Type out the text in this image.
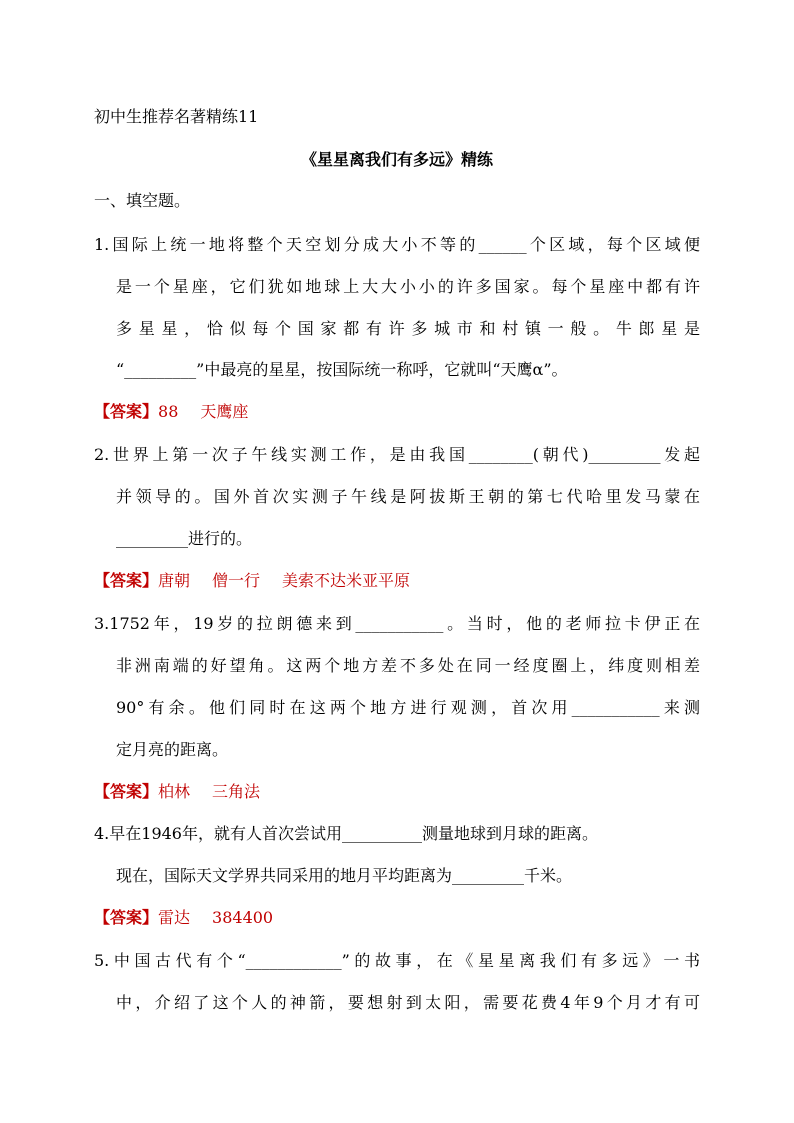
初中生推荐名著精练11
《星星离我们有多远》精练
一、填空题。
1.国际上统一地将整个天空划分成大小不等的______个区域，每个区域便
是一个星座，它们犹如地球上大大小小的许多国家。每个星座中都有许
多星星，恰似每个国家都有许多城市和村镇一般。牛郎星是
“_________”中最亮的星星，按国际统一称呼，它就叫“天鹰α”。
【答案】88 天鹰座
2.世界上第一次子午线实测工作，是由我国________(朝代)_________发起
并领导的。国外首次实测子午线是阿拔斯王朝的第七代哈里发马蒙在
_________进行的。
【答案】唐朝 僧一行 美索不达米亚平原
3.1752年，19岁的拉朗德来到___________。当时，他的老师拉卡伊正在
非洲南端的好望角。这两个地方差不多处在同一经度圈上，纬度则相差
90°有余。他们同时在这两个地方进行观测，首次用___________来测
定月亮的距离。
【答案】柏林 三角法
4.早在1946年，就有人首次尝试用__________测量地球到月球的距离。
现在，国际天文学界共同采用的地月平均距离为_________千米。
【答案】雷达 384400
5.中国古代有个“____________”的故事，在《星星离我们有多远》一书
中，介绍了这个人的神箭，要想射到太阳，需要花费4年9个月才有可
